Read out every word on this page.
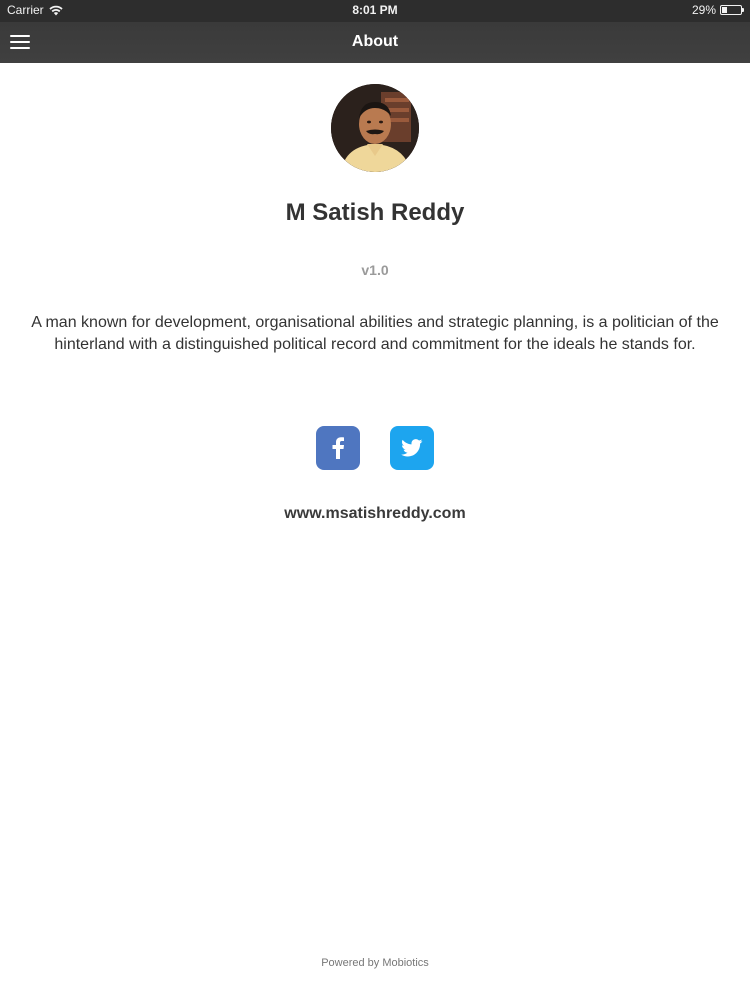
Carrier	8:01 PM	29%
About
M Satish Reddy
v1.0
A man known for development, organisational abilities and strategic planning, is a politician of the hinterland with a distinguished political record and commitment for the ideals he stands for.
www.msatishreddy.com
Powered by Mobiotics
